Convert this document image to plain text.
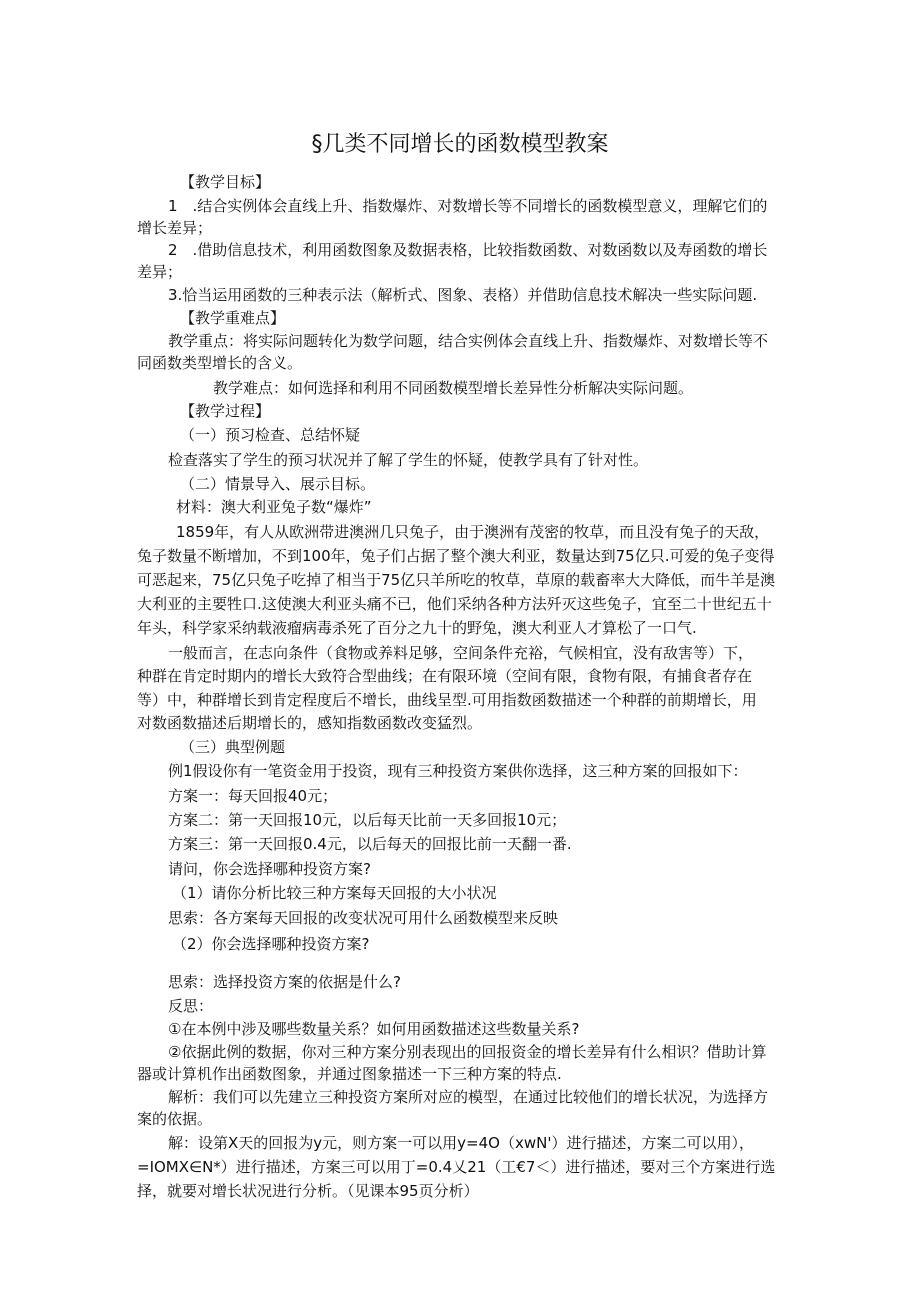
§几类不同增长的函数模型教案
【教学目标】
1　.结合实例体会直线上升、指数爆炸、对数增长等不同增长的函数模型意义，理解它们的
增长差异；
2　.借助信息技术，利用函数图象及数据表格，比较指数函数、对数函数以及寿函数的增长
差异；
3.恰当运用函数的三种表示法（解析式、图象、表格）并借助信息技术解决一些实际问题.
【教学重难点】
教学重点：将实际问题转化为数学问题，结合实例体会直线上升、指数爆炸、对数增长等不
同函数类型增长的含义。
教学难点：如何选择和利用不同函数模型增长差异性分析解决实际问题。
【教学过程】
（一）预习检查、总结怀疑
检查落实了学生的预习状况并了解了学生的怀疑，使教学具有了针对性。
（二）情景导入、展示目标。
材料：澳大利亚兔子数“爆炸”
1859年，有人从欧洲带进澳洲几只兔子，由于澳洲有茂密的牧草，而且没有兔子的天敌，
兔子数量不断增加，不到100年，兔子们占据了整个澳大利亚，数量达到75亿只.可爱的兔子变得
可恶起来，75亿只兔子吃掉了相当于75亿只羊所吃的牧草，草原的载畜率大大降低，而牛羊是澳
大利亚的主要牲口.这使澳大利亚头痛不已，他们采纳各种方法歼灭这些兔子，宜至二十世纪五十
年头，科学家采纳载液瘤病毒杀死了百分之九十的野兔，澳大利亚人才算松了一口气.
一般而言，在志向条件（食物或养料足够，空间条件充裕，气候相宜，没有敌害等）下，
种群在肯定时期内的增长大致符合型曲线；在有限环境（空间有限，食物有限，有捕食者存在
等）中，种群增长到肯定程度后不增长，曲线呈型.可用指数函数描述一个种群的前期增长，用
对数函数描述后期增长的，感知指数函数改变猛烈。
（三）典型例题
例1假设你有一笔资金用于投资，现有三种投资方案供你选择，这三种方案的回报如下：
方案一：每天回报40元；
方案二：第一天回报10元，以后每天比前一天多回报10元；
方案三：第一天回报0.4元，以后每天的回报比前一天翻一番.
请问，你会选择哪种投资方案?
（1）请你分析比较三种方案每天回报的大小状况
思索：各方案每天回报的改变状况可用什么函数模型来反映
（2）你会选择哪种投资方案?
思索：选择投资方案的依据是什么?
反思：
①在本例中涉及哪些数量关系？如何用函数描述这些数量关系?
②依据此例的数据，你对三种方案分别表现出的回报资金的增长差异有什么相识？借助计算
器或计算机作出函数图象，并通过图象描述一下三种方案的特点.
解析：我们可以先建立三种投资方案所对应的模型，在通过比较他们的增长状况，为选择方
案的依据。
解：设第X天的回报为y元，则方案一可以用y=4O（xwN'）进行描述，方案二可以用），
=IOMX∈N*）进行描述，方案三可以用丁=0.4乂21（工€7＜）进行描述，要对三个方案进行选
择，就要对增长状况进行分析。（见课本95页分析）
